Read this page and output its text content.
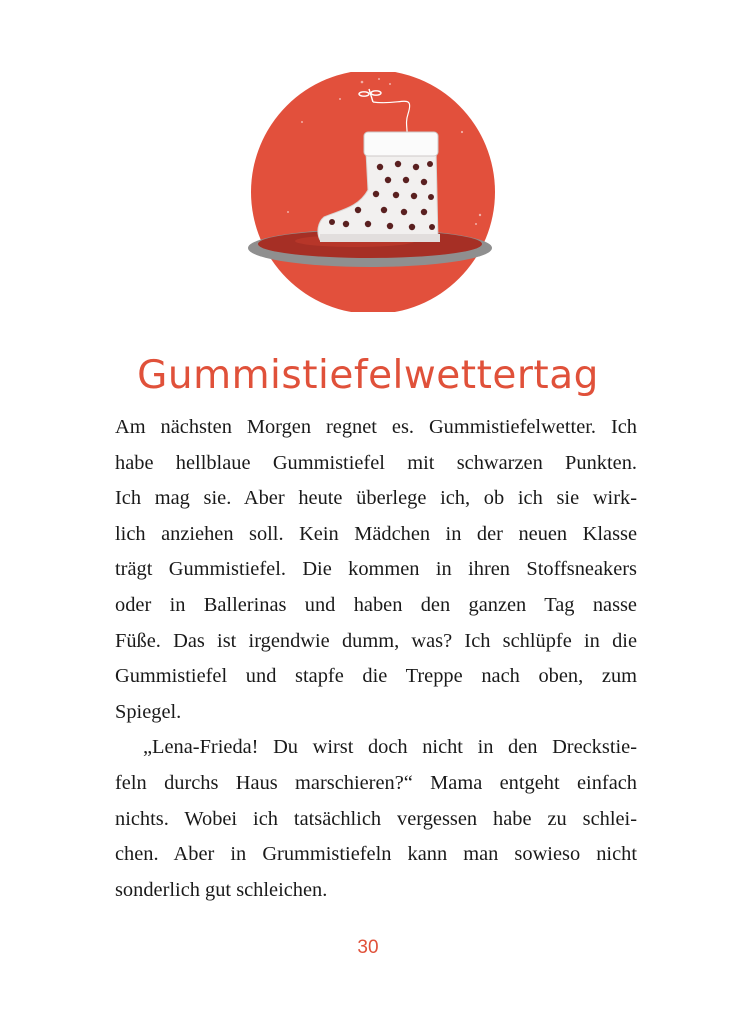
Gummistiefelwettertag

Am nächsten Morgen regnet es. Gummistiefelwetter. Ich
habe hellblaue Gummistiefel mit schwarzen Punkten.
Ich mag sie. Aber heute überlege ich, ob ich sie wirk-
lich anziehen soll. Kein Mädchen in der neuen Klasse
trägt Gummistiefel. Die kommen in ihren Stoffsneakers
oder in Ballerinas und haben den ganzen Tag nasse
Füße. Das ist irgendwie dumm, was? Ich schlüpfe in die
Gummistiefel und stapfe die Treppe nach oben, zum
Spiegel.

„Lena-Frieda! Du wirst doch nicht in den Dreckstie-
feln durchs Haus marschieren?“ Mama entgeht einfach
nichts. Wobei ich tatsächlich vergessen habe zu schlei-
chen. Aber in Grummistiefeln kann man sowieso nicht
sonderlich gut schleichen.

30
